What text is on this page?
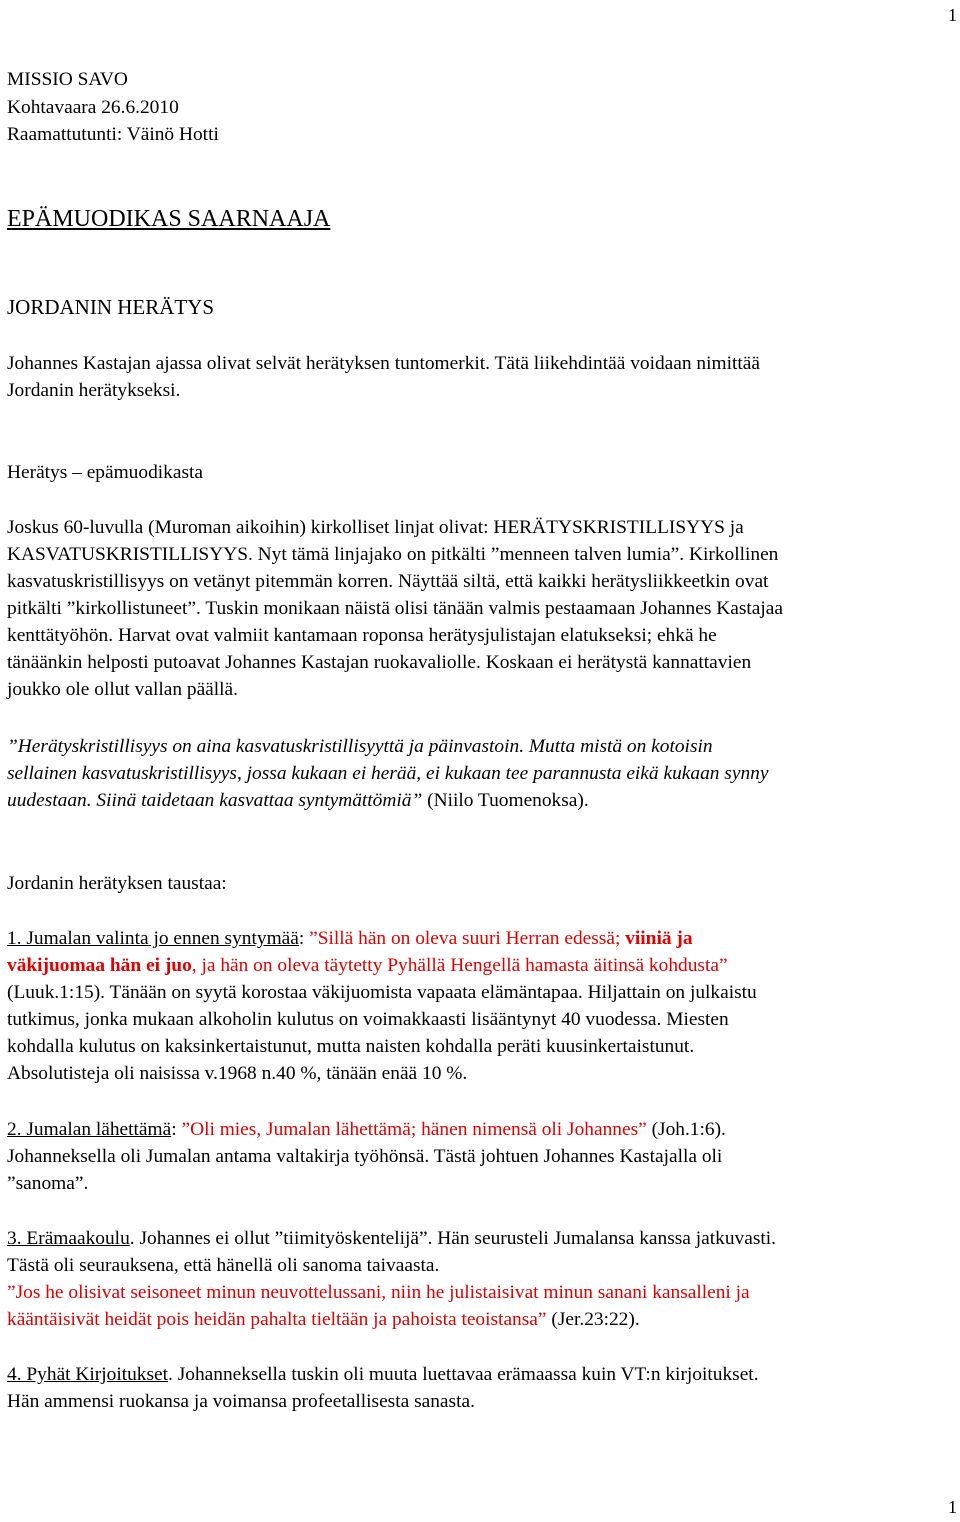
1
MISSIO SAVO
Kohtavaara 26.6.2010
Raamattutunti: Väinö Hotti
EPÄMUODIKAS SAARNAAJA
JORDANIN HERÄTYS
Johannes Kastajan ajassa olivat selvät herätyksen tuntomerkit. Tätä liikehdintää voidaan nimittää
Jordanin herätykseksi.
Herätys – epämuodikasta
Joskus 60-luvulla (Muroman aikoihin) kirkolliset linjat olivat: HERÄTYSKRISTILLISYYS ja
KASVATUSKRISTILLISYYS. Nyt tämä linjajako on pitkälti ”menneen talven lumia”. Kirkollinen
kasvatuskristillisyys on vetänyt pitemmän korren. Näyttää siltä, että kaikki herätysliikkeetkin ovat
pitkälti ”kirkollistuneet”. Tuskin monikaan näistä olisi tänään valmis pestaamaan Johannes Kastajaa
kenttätyöhön. Harvat ovat valmiit kantamaan roponsa herätysjulistajan elatukseksi; ehkä he
tänäänkin helposti putoavat Johannes Kastajan ruokavaliolle. Koskaan ei herätystä kannattavien
joukko ole ollut vallan päällä.
”Herätyskristillisyys on aina kasvatuskristillisyyttä ja päinvastoin. Mutta mistä on kotoisin
sellainen kasvatuskristillisyys, jossa kukaan ei herää, ei kukaan tee parannusta eikä kukaan synny
uudestaan. Siinä taidetaan kasvattaa syntymättömiä” (Niilo Tuomenoksa).
Jordanin herätyksen taustaa:
1. Jumalan valinta jo ennen syntymää: ”Sillä hän on oleva suuri Herran edessä; viiniä ja
väkijuomaa hän ei juo, ja hän on oleva täytetty Pyhällä Hengellä hamasta äitinsä kohdusta”
(Luuk.1:15). Tänään on syytä korostaa väkijuomista vapaata elämäntapaa. Hiljattain on julkaistu
tutkimus, jonka mukaan alkoholin kulutus on voimakkaasti lisääntynyt 40 vuodessa. Miesten
kohdalla kulutus on kaksinkertaistunut, mutta naisten kohdalla peräti kuusinkertaistunut.
Absolutisteja oli naisissa v.1968 n.40 %, tänään enää 10 %.
2. Jumalan lähettämä: ”Oli mies, Jumalan lähettämä; hänen nimensä oli Johannes” (Joh.1:6).
Johanneksella oli Jumalan antama valtakirja työhönsä. Tästä johtuen Johannes Kastajalla oli
”sanoma”.
3. Erämaakoulu. Johannes ei ollut ”tiimityöskentelijä”. Hän seurusteli Jumalansa kanssa jatkuvasti.
Tästä oli seurauksena, että hänellä oli sanoma taivaasta.
”Jos he olisivat seisoneet minun neuvottelussani, niin he julistaisivat minun sanani kansalleni ja
kääntäisivät heidät pois heidän pahalta tieltään ja pahoista teoistansa” (Jer.23:22).
4. Pyhät Kirjoitukset. Johanneksella tuskin oli muuta luettavaa erämaassa kuin VT:n kirjoitukset.
Hän ammensi ruokansa ja voimansa profeetallisesta sanasta.
1
